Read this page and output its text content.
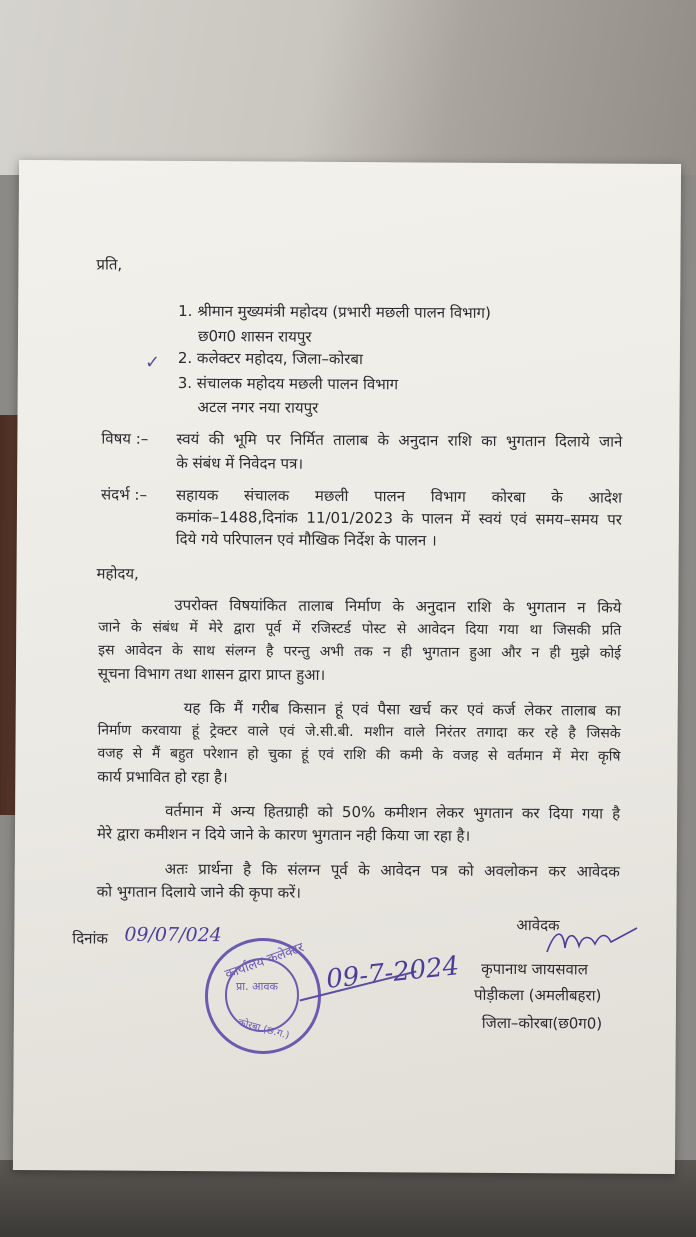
प्रति,
1. श्रीमान मुख्यमंत्री महोदय (प्रभारी मछली पालन विभाग)
छ0ग0 शासन रायपुर
2. कलेक्टर महोदय, जिला–कोरबा
3. संचालक महोदय मछली पालन विभाग
अटल नगर नया रायपुर
विषय :– स्वयं की भूमि पर निर्मित तालाब के अनुदान राशि का भुगतान दिलाये जाने
के संबंध में निवेदन पत्र।
संदर्भ :– सहायक संचालक मछली पालन विभाग कोरबा के आदेश
कमांक–1488,दिनांक 11/01/2023 के पालन में स्वयं एवं समय–समय पर
दिये गये परिपालन एवं मौखिक निर्देश के पालन ।
महोदय,
उपरोक्त विषयांकित तालाब निर्माण के अनुदान राशि के भुगतान न किये
जाने के संबंध में मेरे द्वारा पूर्व में रजिस्टर्ड पोस्ट से आवेदन दिया गया था जिसकी प्रति
इस आवेदन के साथ संलग्न है परन्तु अभी तक न ही भुगतान हुआ और न ही मुझे कोई
सूचना विभाग तथा शासन द्वारा प्राप्त हुआ।
यह कि मैं गरीब किसान हूं एवं पैसा खर्च कर एवं कर्ज लेकर तालाब का
निर्माण करवाया हूं ट्रेक्टर वाले एवं जे.सी.बी. मशीन वाले निरंतर तगादा कर रहे है जिसके
वजह से मैं बहुत परेशान हो चुका हूं एवं राशि की कमी के वजह से वर्तमान में मेरा कृषि
कार्य प्रभावित हो रहा है।
वर्तमान में अन्य हितग्राही को 50% कमीशन लेकर भुगतान कर दिया गया है
मेरे द्वारा कमीशन न दिये जाने के कारण भुगतान नही किया जा रहा है।
अतः प्रार्थना है कि संलग्न पूर्व के आवेदन पत्र को अवलोकन कर आवेदक
को भुगतान दिलाये जाने की कृपा करें।
दिनांक 09/07/024	आवेदक
कृपानाथ जायसवाल
पोड़ीकला (अमलीबहरा)
जिला–कोरबा(छ0ग0)
✓
कार्यालय कलेक्टर
प्रा. आवक
कोरबा (छ.ग.)
09-7-2024
